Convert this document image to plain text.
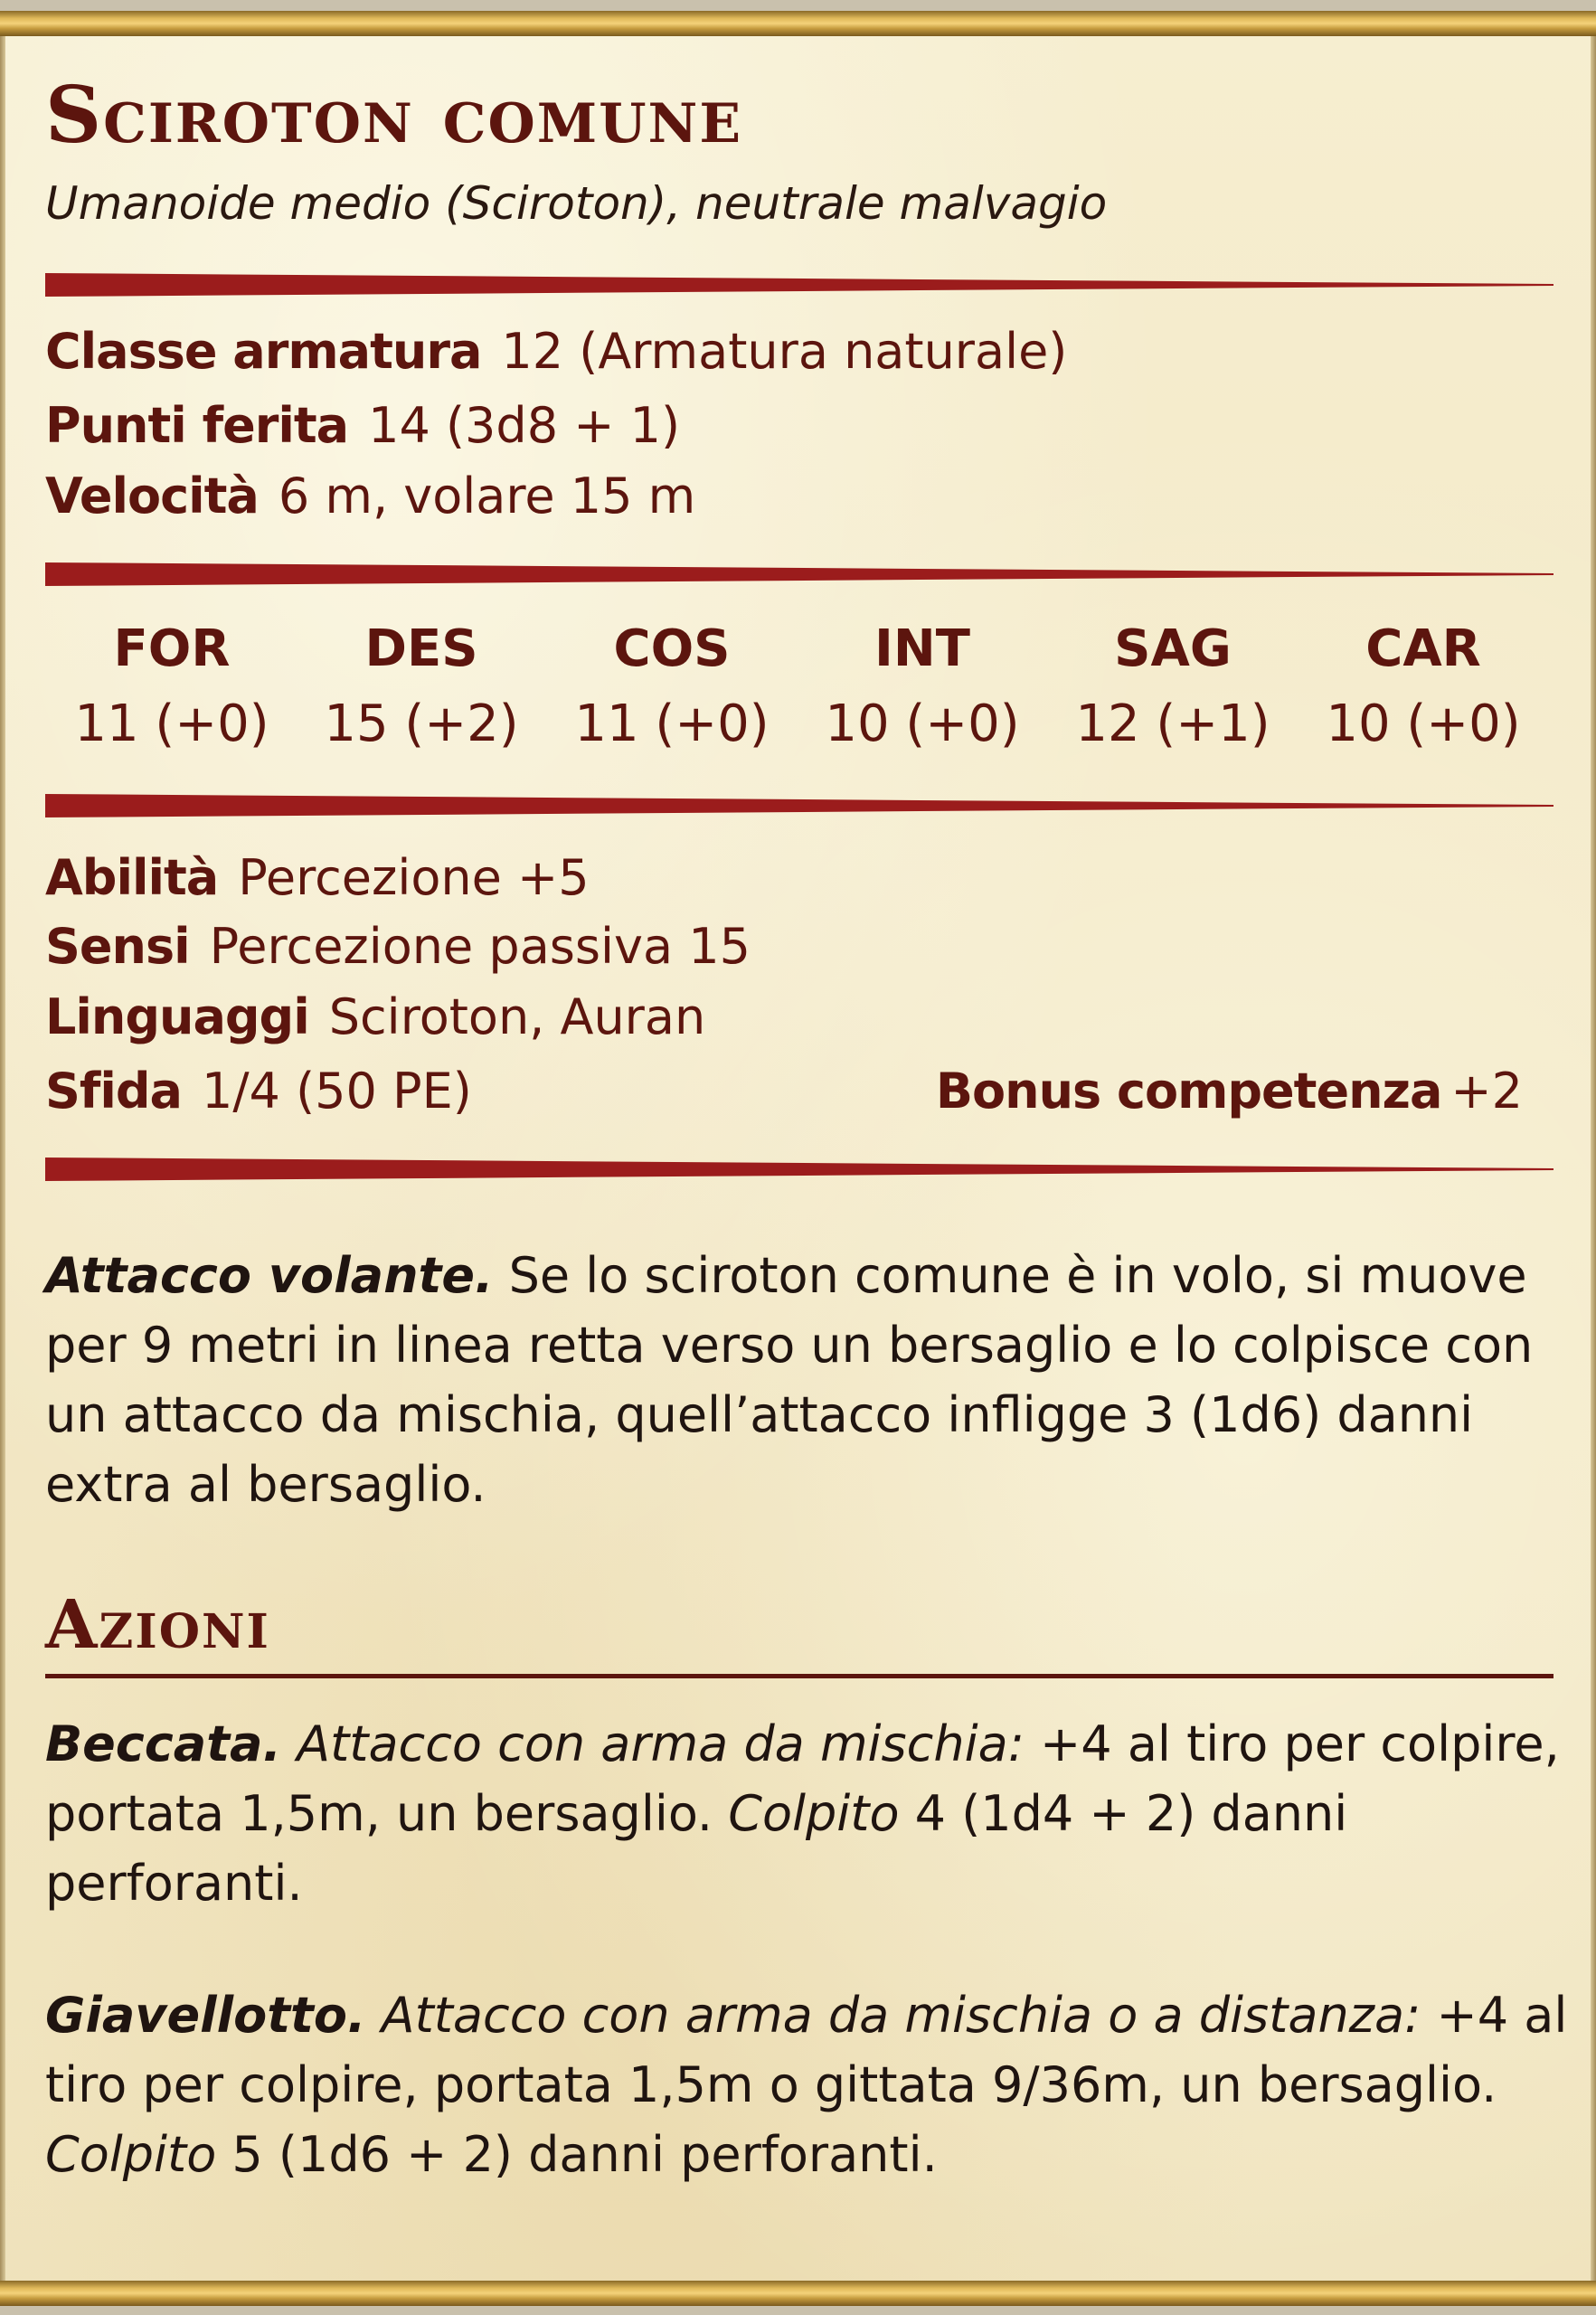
Sciroton comune
Umanoide medio (Sciroton), neutrale malvagio
Classe armatura 12 (Armatura naturale)
Punti ferita 14 (3d8 + 1)
Velocità 6 m, volare 15 m
FOR
11 (+0)
DES
15 (+2)
COS
11 (+0)
INT
10 (+0)
SAG
12 (+1)
CAR
10 (+0)
Abilità Percezione +5
Sensi Percezione passiva 15
Linguaggi Sciroton, Auran
Sfida 1/4 (50 PE)	Bonus competenza +2
Attacco volante. Se lo sciroton comune è in volo, si muove
per 9 metri in linea retta verso un bersaglio e lo colpisce con
un attacco da mischia, quell’attacco infligge 3 (1d6) danni
extra al bersaglio.
Azioni
Beccata. Attacco con arma da mischia: +4 al tiro per colpire,
portata 1,5m, un bersaglio. Colpito 4 (1d4 + 2) danni
perforanti.
Giavellotto. Attacco con arma da mischia o a distanza: +4 al
tiro per colpire, portata 1,5m o gittata 9/36m, un bersaglio.
Colpito 5 (1d6 + 2) danni perforanti.
